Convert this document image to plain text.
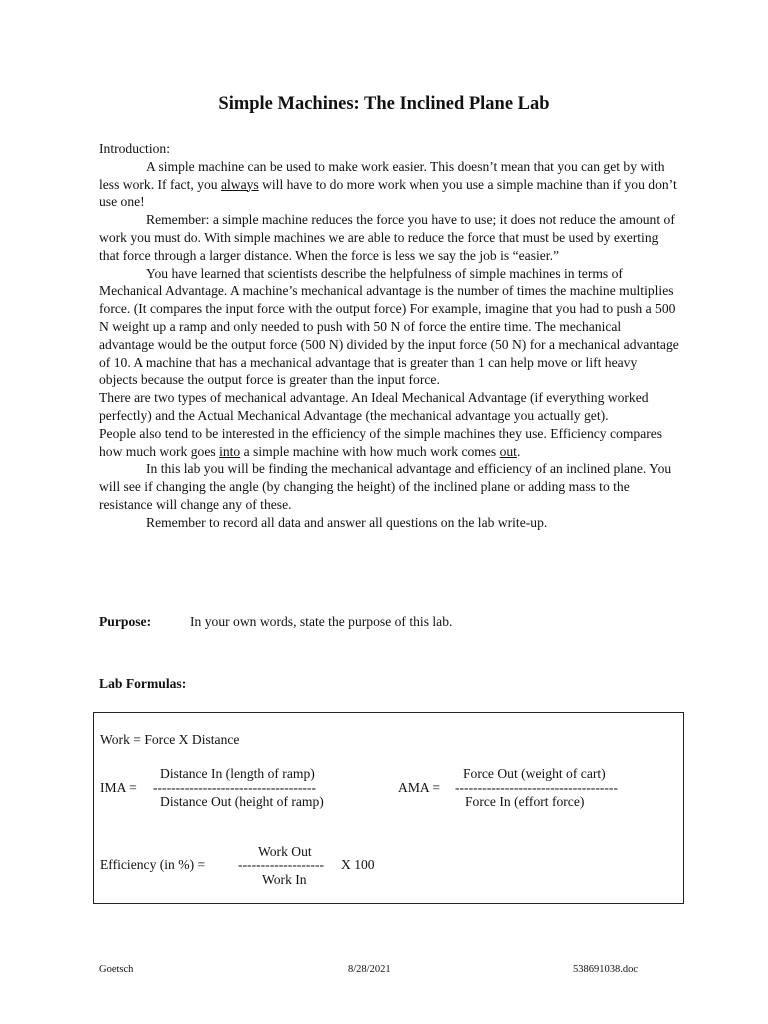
Simple Machines: The Inclined Plane Lab

Introduction:

A simple machine can be used to make work easier. This doesn’t mean that you can get by with less work. If fact, you always will have to do more work when you use a simple machine than if you don’t use one!

Remember: a simple machine reduces the force you have to use; it does not reduce the amount of work you must do. With simple machines we are able to reduce the force that must be used by exerting that force through a larger distance. When the force is less we say the job is “easier.”

You have learned that scientists describe the helpfulness of simple machines in terms of Mechanical Advantage. A machine’s mechanical advantage is the number of times the machine multiplies force. (It compares the input force with the output force) For example, imagine that you had to push a 500 N weight up a ramp and only needed to push with 50 N of force the entire time. The mechanical advantage would be the output force (500 N) divided by the input force (50 N) for a mechanical advantage of 10. A machine that has a mechanical advantage that is greater than 1 can help move or lift heavy objects because the output force is greater than the input force.

There are two types of mechanical advantage. An Ideal Mechanical Advantage (if everything worked perfectly) and the Actual Mechanical Advantage (the mechanical advantage you actually get).

People also tend to be interested in the efficiency of the simple machines they use. Efficiency compares how much work goes into a simple machine with how much work comes out.

In this lab you will be finding the mechanical advantage and efficiency of an inclined plane. You will see if changing the angle (by changing the height) of the inclined plane or adding mass to the resistance will change any of these.

Remember to record all data and answer all questions on the lab write-up.

Purpose:	In your own words, state the purpose of this lab.
Lab Formulas:
Work = Force X Distance
Distance In (length of ramp)
IMA = ------------------------------------
Distance Out (height of ramp)
Force Out (weight of cart)
AMA = ------------------------------------
Force In (effort force)
Work Out
Efficiency (in %) = ------------------- X 100
Work In
Goetsch	8/28/2021	538691038.doc
